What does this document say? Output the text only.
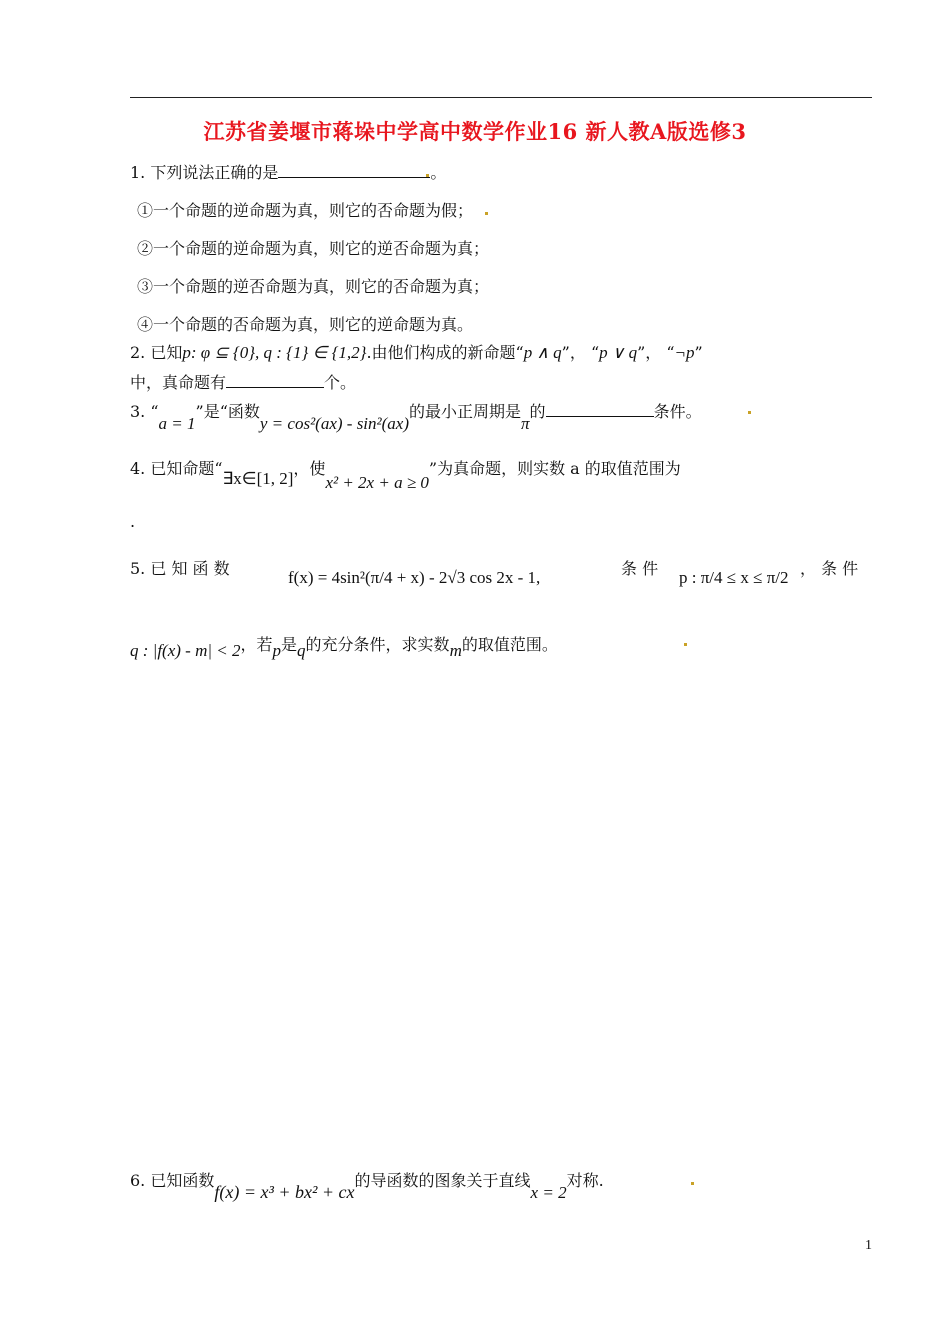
江苏省姜堰市蒋垛中学高中数学作业16 新人教A版选修3
1. 下列说法正确的是	。
①一个命题的逆命题为真，则它的否命题为假；
②一个命题的逆命题为真，则它的逆否命题为真；
③一个命题的逆否命题为真，则它的否命题为真；
④一个命题的否命题为真，则它的逆命题为真。
2. 已知p: φ ⊆ {0}, q : {1} ∈ {1,2}.由他们构成的新命题“p ∧ q”， “p ∨ q”， “¬p”
中，真命题有	个。
3. “a = 1”是“函数y = cos²(ax) - sin²(ax)的最小正周期是π的	条件。
4. 已知命题“∃x∈[1, 2]，使x² + 2x + a ≥ 0”为真命题，则实数 a 的取值范围为
.
5. 已 知 函 数	f(x) = 4sin²(π/4 + x) - 2√3 cos 2x - 1,	条 件 p : π/4 ≤ x ≤ π/2 ， 条 件
q : |f(x) - m| < 2，若p是q的充分条件，求实数m的取值范围。
6. 已知函数f(x) = x³ + bx² + cx的导函数的图象关于直线x = 2对称.
1
